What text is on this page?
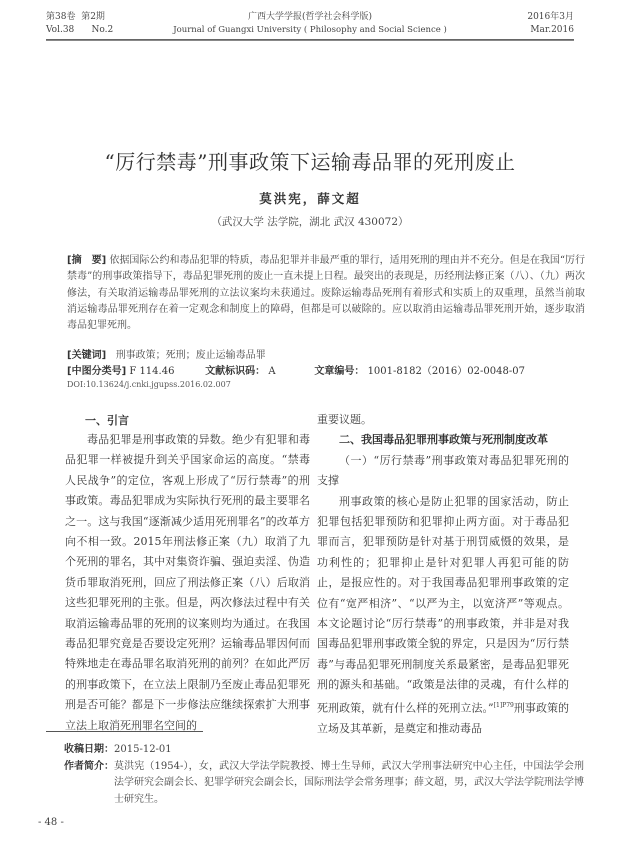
第38卷 第2期
Vol.38 No.2
广西大学学报(哲学社会科学版)
Journal of Guangxi University ( Philosophy and Social Science )
2016年3月
Mar.2016
“厉行禁毒”刑事政策下运输毒品罪的死刑废止
莫洪宪，薛文超
（武汉大学 法学院，湖北 武汉 430072）
[摘　要] 依据国际公约和毒品犯罪的特质，毒品犯罪并非最严重的罪行，适用死刑的理由并不充分。但是在我国“厉行禁毒”的刑事政策指导下，毒品犯罪死刑的废止一直未提上日程。最突出的表现是，历经刑法修正案（八）、（九）两次修法，有关取消运输毒品罪死刑的立法议案均未获通过。废除运输毒品死刑有着形式和实质上的双重理，虽然当前取消运输毒品罪死刑存在着一定观念和制度上的障碍，但都是可以破除的。应以取消由运输毒品罪死刑开始，逐步取消毒品犯罪死刑。
[关键词] 刑事政策；死刑；废止运输毒品罪
[中图分类号] F 114.46	文献标识码： A	文章编号： 1001-8182（2016）02-0048-07
DOI:10.13624/j.cnki.jgupss.2016.02.007
一、引言
毒品犯罪是刑事政策的异数。绝少有犯罪和毒品犯罪一样被提升到关乎国家命运的高度。“禁毒人民战争”的定位，客观上形成了“厉行禁毒”的刑事政策。毒品犯罪成为实际执行死刑的最主要罪名之一。这与我国“逐渐减少适用死刑罪名”的改革方向不相一致。2015年刑法修正案（九）取消了九个死刑的罪名，其中对集资诈骗、强迫卖淫、伪造货币罪取消死刑，回应了刑法修正案（八）后取消这些犯罪死刑的主张。但是，两次修法过程中有关取消运输毒品罪的死刑的议案则均为通过。在我国毒品犯罪究竟是否要设定死刑？运输毒品罪因何而特殊地走在毒品罪名取消死刑的前列？在如此严厉的刑事政策下，在立法上限制乃至废止毒品犯罪死刑是否可能？都是下一步修法应继续探索扩大刑事立法上取消死刑罪名空间的
重要议题。
二、我国毒品犯罪刑事政策与死刑制度改革
（一）“厉行禁毒”刑事政策对毒品犯罪死刑的支撑
刑事政策的核心是防止犯罪的国家活动，防止犯罪包括犯罪预防和犯罪抑止两方面。对于毒品犯罪而言，犯罪预防是针对基于刑罚威慑的效果，是功利性的；犯罪抑止是针对犯罪人再犯可能的防止，是报应性的。对于我国毒品犯罪刑事政策的定位有“宽严相济”、“以严为主，以宽济严”等观点。本文论题讨论“厉行禁毒”的刑事政策，并非是对我国毒品犯罪刑事政策全貌的界定，只是因为“厉行禁毒”与毒品犯罪死刑制度关系最紧密，是毒品犯罪死刑的源头和基础。“政策是法律的灵魂，有什么样的死刑政策，就有什么样的死刑立法。”$^{[1]P79}$刑事政策的立场及其革新，是奠定和推动毒品
收稿日期： 2015-12-01
作者简介： 莫洪宪（1954-），女，武汉大学法学院教授、博士生导师，武汉大学刑事法研究中心主任，中国法学会刑法学研究会副会长、犯罪学研究会副会长，国际刑法学会常务理事；薛文超，男，武汉大学法学院刑法学博士研究生。
- 48 -
